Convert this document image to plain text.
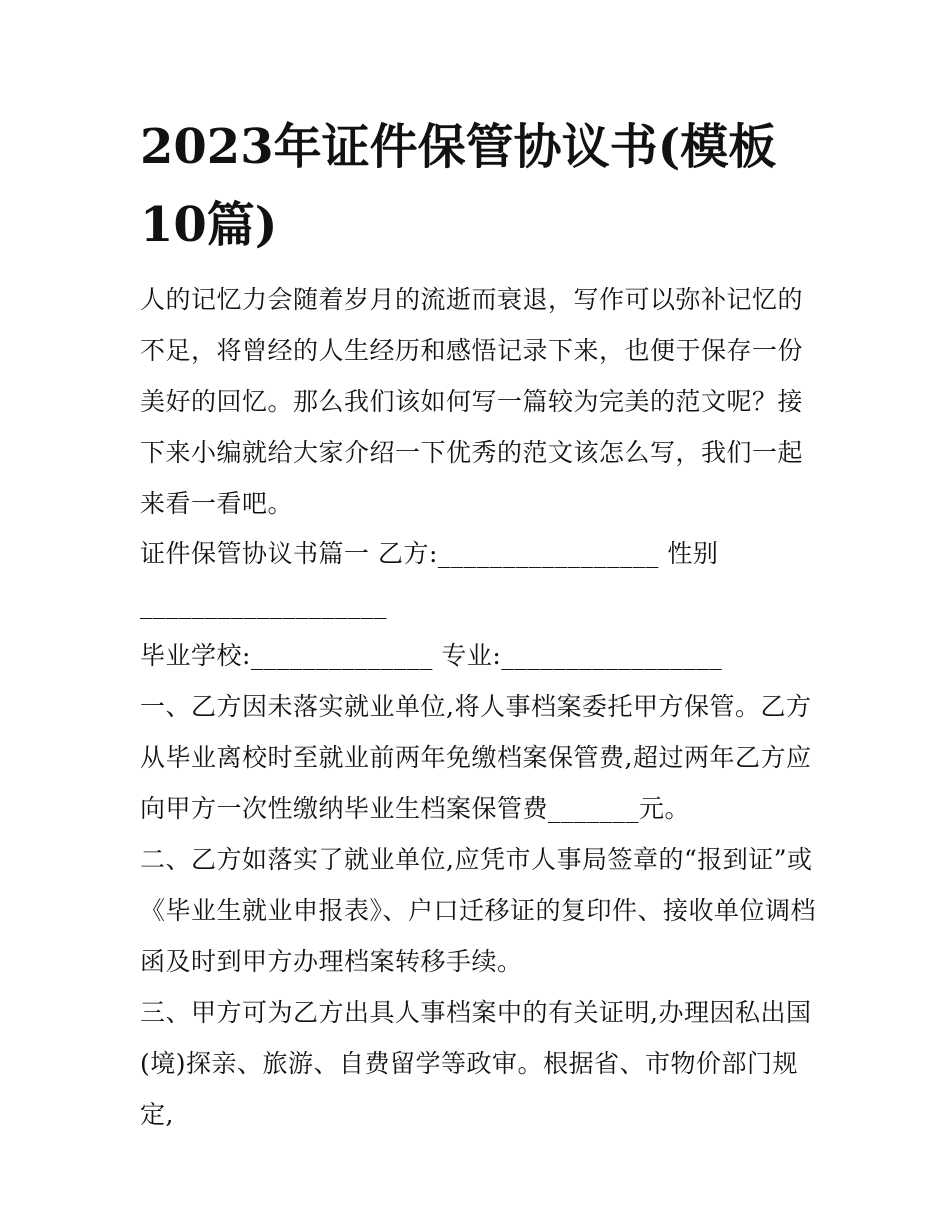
2023年证件保管协议书(模板10篇)

人的记忆力会随着岁月的流逝而衰退，写作可以弥补记忆的不足，将曾经的人生经历和感悟记录下来，也便于保存一份美好的回忆。那么我们该如何写一篇较为完美的范文呢？接下来小编就给大家介绍一下优秀的范文该怎么写，我们一起来看一看吧。

证件保管协议书篇一 乙方:_________________ 性别

___________________

毕业学校:______________ 专业:_________________

一、乙方因未落实就业单位,将人事档案委托甲方保管。乙方从毕业离校时至就业前两年免缴档案保管费,超过两年乙方应向甲方一次性缴纳毕业生档案保管费_______元。

二、乙方如落实了就业单位,应凭市人事局签章的“报到证”或《毕业生就业申报表》、户口迁移证的复印件、接收单位调档函及时到甲方办理档案转移手续。

三、甲方可为乙方出具人事档案中的有关证明,办理因私出国(境)探亲、旅游、自费留学等政审。根据省、市物价部门规定,
